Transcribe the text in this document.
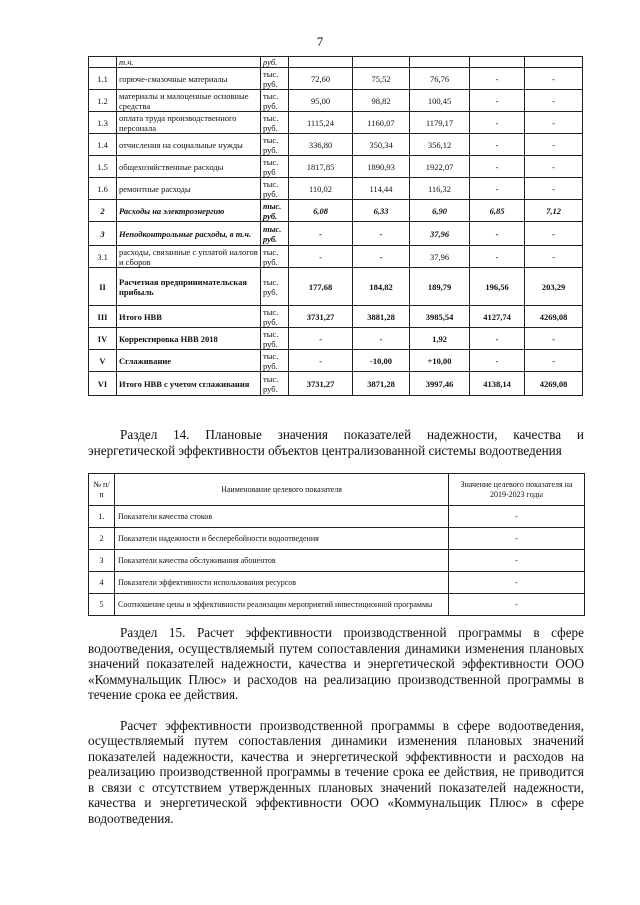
7
	т.ч.	руб.					
1.1	горюче-смазочные материалы	тыс. руб.	72,60	75,52	76,76	-	-
1.2	материалы и малоценные основные средства	тыс. руб.	95,00	98,82	100,45	-	-
1.3	оплата труда производственного персонала	тыс. руб.	1115,24	1160,07	1179,17	-	-
1.4	отчисления на социальные нужды	тыс. руб.	336,80	350,34	356,12	-	-
1.5	общехозяйственные расходы	тыс. руб	1817,85	1890,93	1922,07	-	-
1.6	ремонтные расходы	тыс. руб.	110,02	114,44	116,32	-	-
2	Расходы на электроэнергию	тыс. руб.	6,08	6,33	6,90	6,85	7,12
3	Неподконтрольные расходы, в т.ч.	тыс. руб.	-	-	37,96	-	-
3.1	расходы, связанные с уплатой налогов и сборов	тыс. руб.	-	-	37,96	-	-
II	Расчетная предпринимательская прибыль	тыс. руб.	177,68	184,82	189,79	196,56	203,29
III	Итого НВВ	тыс. руб.	3731,27	3881,28	3985,54	4127,74	4269,08
IV	Корректировка НВВ 2018	тыс. руб.	-	-	1,92	-	-
V	Сглаживание	тыс. руб.	-	-10,00	+10,00	-	-
VI	Итого НВВ с учетом сглаживания	тыс. руб.	3731,27	3871,28	3997,46	4138,14	4269,08

Раздел 14. Плановые значения показателей надежности, качества и энергетической эффективности объектов централизованной системы водоотведения

№ п/п	Наименование целевого показателя	Значение целевого показателя на 2019-2023 годы
1.	Показатели качества стоков	-
2	Показатели надежности и бесперебойности водоотведения	-
3	Показатели качества обслуживания абонентов	-
4	Показатели эффективности использования ресурсов	-
5	Соотношение цены и эффективности реализации мероприятий инвестиционной программы	-

Раздел 15. Расчет эффективности производственной программы в сфере водоотведения, осуществляемый путем сопоставления динамики изменения плановых значений показателей надежности, качества и энергетической эффективности ООО «Коммунальщик Плюс» и расходов на реализацию производственной программы в течение срока ее действия.

Расчет эффективности производственной программы в сфере водоотведения, осуществляемый путем сопоставления динамики изменения плановых значений показателей надежности, качества и энергетической эффективности и расходов на реализацию производственной программы в течение срока ее действия, не приводится в связи с отсутствием утвержденных плановых значений показателей надежности, качества и энергетической эффективности ООО «Коммунальщик Плюс» в сфере водоотведения.
